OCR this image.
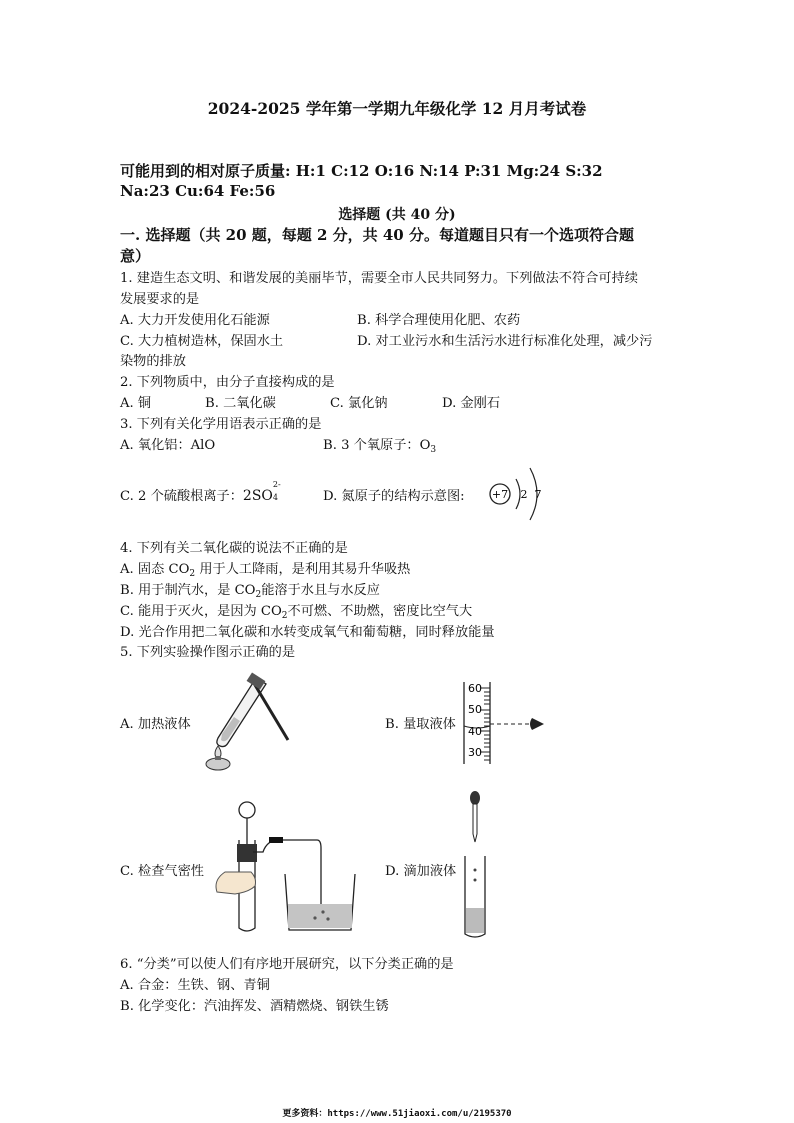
2024-2025 学年第一学期九年级化学 12 月月考试卷
可能用到的相对原子质量: H:1 C:12 O:16 N:14 P:31 Mg:24 S:32
Na:23 Cu:64 Fe:56
选择题 (共 40 分)
一. 选择题（共 20 题，每题 2 分，共 40 分。每道题目只有一个选项符合题
意）
1. 建造生态文明、和谐发展的美丽毕节，需要全市人民共同努力。下列做法不符合可持续
发展要求的是
A. 大力开发使用化石能源	B. 科学合理使用化肥、农药
C. 大力植树造林，保固水土	D. 对工业污水和生活污水进行标准化处理，减少污
染物的排放
2. 下列物质中，由分子直接构成的是
A. 铜	B. 二氧化碳	C. 氯化钠	D. 金刚石
3. 下列有关化学用语表示正确的是
A. 氧化铝：AlO	B. 3 个氧原子：$O_3$
C. 2 个硫酸根离子：2SO
2-
4	D. 氮原子的结构示意图: +7 2 7
4. 下列有关二氧化碳的说法不正确的是
A. 固态 $CO_2$ 用于人工降雨，是利用其易升华吸热
B. 用于制汽水，是 $CO_2$能溶于水且与水反应
C. 能用于灭火，是因为 $CO_2$不可燃、不助燃，密度比空气大
D. 光合作用把二氧化碳和水转变成氧气和葡萄糖，同时释放能量
5. 下列实验操作图示正确的是
A. 加热液体	B. 量取液体
C. 检查气密性	D. 滴加液体
60
50
40
30
6. “分类”可以使人们有序地开展研究，以下分类正确的是
A. 合金：生铁、钢、青铜
B. 化学变化：汽油挥发、酒精燃烧、钢铁生锈
更多资料：https://www.51jiaoxi.com/u/2195370
